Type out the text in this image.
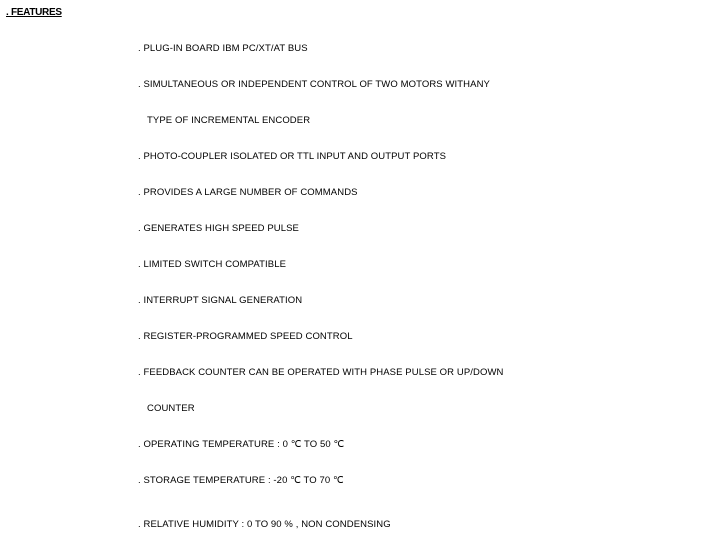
. FEATURES
. PLUG-IN BOARD IBM PC/XT/AT BUS
. SIMULTANEOUS OR INDEPENDENT CONTROL OF TWO MOTORS WITHANY
TYPE OF INCREMENTAL ENCODER
. PHOTO-COUPLER ISOLATED OR TTL INPUT AND OUTPUT PORTS
. PROVIDES A LARGE NUMBER OF COMMANDS
. GENERATES HIGH SPEED PULSE
. LIMITED SWITCH COMPATIBLE
. INTERRUPT SIGNAL GENERATION
. REGISTER-PROGRAMMED SPEED CONTROL
. FEEDBACK COUNTER CAN BE OPERATED WITH PHASE PULSE OR UP/DOWN
COUNTER
. OPERATING TEMPERATURE : 0 ℃ TO 50 ℃
. STORAGE TEMPERATURE : -20 ℃ TO 70 ℃
. RELATIVE HUMIDITY : 0 TO 90 % , NON CONDENSING
